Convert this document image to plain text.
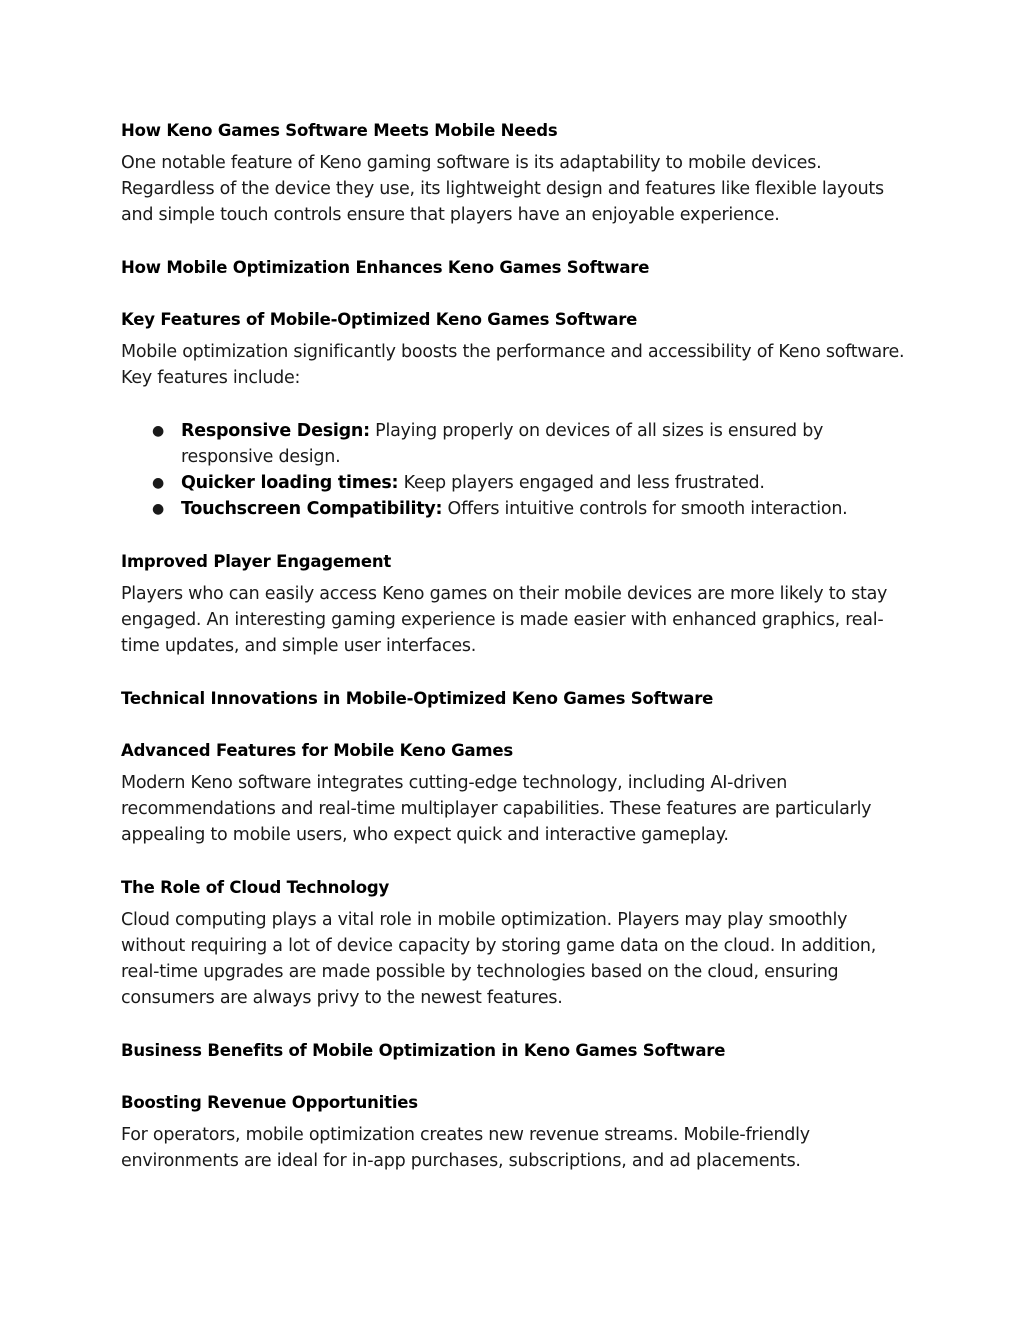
How Keno Games Software Meets Mobile Needs

One notable feature of Keno gaming software is its adaptability to mobile devices. Regardless of the device they use, its lightweight design and features like flexible layouts and simple touch controls ensure that players have an enjoyable experience.

How Mobile Optimization Enhances Keno Games Software
Key Features of Mobile-Optimized Keno Games Software

Mobile optimization significantly boosts the performance and accessibility of Keno software. Key features include:

● Responsive Design: Playing properly on devices of all sizes is ensured by responsive design.
● Quicker loading times: Keep players engaged and less frustrated.
● Touchscreen Compatibility: Offers intuitive controls for smooth interaction.
Improved Player Engagement

Players who can easily access Keno games on their mobile devices are more likely to stay engaged. An interesting gaming experience is made easier with enhanced graphics, real-time updates, and simple user interfaces.

Technical Innovations in Mobile-Optimized Keno Games Software
Advanced Features for Mobile Keno Games

Modern Keno software integrates cutting-edge technology, including AI-driven recommendations and real-time multiplayer capabilities. These features are particularly appealing to mobile users, who expect quick and interactive gameplay.

The Role of Cloud Technology

Cloud computing plays a vital role in mobile optimization. Players may play smoothly without requiring a lot of device capacity by storing game data on the cloud. In addition, real-time upgrades are made possible by technologies based on the cloud, ensuring consumers are always privy to the newest features.

Business Benefits of Mobile Optimization in Keno Games Software
Boosting Revenue Opportunities

For operators, mobile optimization creates new revenue streams. Mobile-friendly environments are ideal for in-app purchases, subscriptions, and ad placements.
